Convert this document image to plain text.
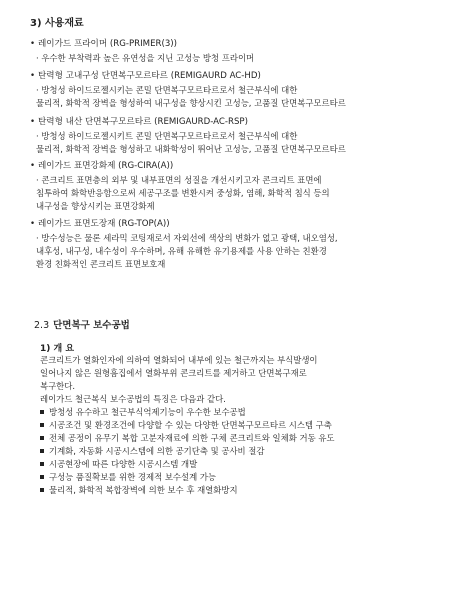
3) 사용재료
• 레이가드 프라이머 (RG-PRIMER(3))
· 우수한 부착력과 높은 유연성을 지닌 고성능 방청 프라이머
• 탄력형 고내구성 단면복구모르타르 (REMIGAURD AC-HD)
· 방청성 하이드로젤시키는 콘밀 단면복구모르타르로서 철근부식에 대한
물리적, 화학적 장벽을 형성하여 내구성을 향상시킨 고성능, 고품질 단면복구모르타르
• 탄력형 내산 단면복구모르타르 (REMIGAURD-AC-RSP)
· 방청성 하이드로젤시키트 콘밀 단면복구모르타르로서 철근부식에 대한
물리적, 화학적 장벽을 형성하고 내화학성이 뛰어난 고성능, 고품질 단면복구모르타르
• 레이가드 표면강화제 (RG-CIRA(A))
· 콘크리트 표면층의 외부 및 내부표면의 성질을 개선시키고자 콘크리트 표면에
침투하여 화학반응함으로써 세공구조를 변환시켜 중성화, 염해, 화학적 침식 등의
내구성을 향상시키는 표면강화제
• 레이가드 표면도장재 (RG-TOP(A))
· 방수성능은 물론 세라믹 코팅재로서 자외선에 색상의 변화가 없고 광택, 내오염성,
내후성, 내구성, 내수성이 우수하며, 유해 유해한 유기용제를 사용 안하는 친환경
환경 친화적인 콘크리트 표면보호재
2.3 단면복구 보수공법
1) 개 요
콘크리트가 열화인자에 의하여 열화되어 내부에 있는 철근까지는 부식발생이
일어나지 않은 원형흠집에서 열화부위 콘크리트를 제거하고 단면복구재로
복구한다.
레이가드 철근복식 보수공법의 특징은 다음과 같다.
방청성 유수하고 철근부식억제기능이 우수한 보수공법
시공조건 및 환경조건에 다양할 수 있는 다양한 단면복구모르타르 시스템 구축
전체 공정이 유무기 복합 고분자재료에 의한 구체 콘크리트와 일체화 거동 유도
기계화, 자동화 시공시스템에 의한 공기단축 및 공사비 절감
시공현장에 따른 다양한 시공시스템 개발
구성능 품질확보를 위한 경제적 보수설계 가능
물리적, 화학적 복합장벽에 의한 보수 후 재열화방지
